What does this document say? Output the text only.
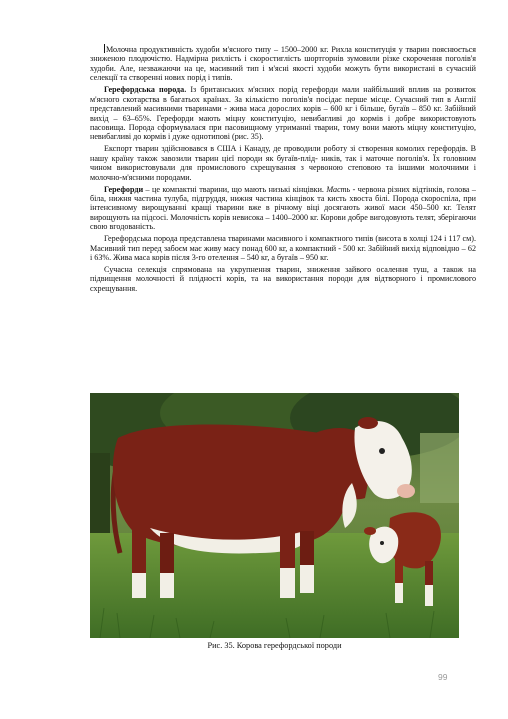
Молочна продуктивність худоби м'ясного типу – 1500–2000 кг. Рихла конституція у тварин пояснюється зниженою плодючістю. Надмірна рихлість і скоростиглість шортгорнів зумовили різке скорочення поголів'я худоби. Але, незважаючи на це, масивний тип і м'ясні якості худоби можуть бути використані в сучасній селекції та створенні нових порід і типів.

Герефордська порода. Із британських м'ясних порід герефорди мали найбільший вплив на розвиток м'ясного скотарства в багатьох країнах. За кількістю поголів'я посідає перше місце. Сучасний тип в Англії представлений масивними тваринами - жива маса дорослих корів – 600 кг і більше, бугаїв – 850 кг. Забійний вихід – 63–65%. Герефорди мають міцну конституцію, невибагливі до кормів і добре використовують пасовища. Порода сформувалася при пасовищному утриманні тварин, тому вони мають міцну конституцію, невибагливі до кормів і дуже однотипові (рис. 35).

Експорт тварин здійснювався в США і Канаду, де проводили роботу зі створення комолих герефордів. В нашу країну також завозили тварин цієї породи як бугаїв-плід- ників, так і маточне поголів'я. Їх головним чином використовували для промислового схрещування з червоною степовою та іншими молочними і молочно-м'ясними породами.

Герефорди – це компактні тварини, що мають низькі кінцівки. Масть - червона різних відтінків, голова – біла, нижня частина тулуба, підгруддя, нижня частина кінцівок та кисть хвоста білі. Порода скороспіла, при інтенсивному вирощуванні кращі тварини вже в річному віці досягають живої маси 450–500 кг. Телят вирощують на підсосі. Молочність корів невисока – 1400–2000 кг. Корови добре вигодовують телят, зберігаючи свою вгодованість.

Герефордська порода представлена тваринами масивного і компактного типів (висота в холці 124 і 117 см). Масивний тип перед забоєм має живу масу понад 600 кг, а компактний - 500 кг. Забійний вихід відповідно – 62 і 63%. Жива маса корів після 3-го отелення – 540 кг, а бугаїв – 950 кг.

Сучасна селекція спрямована на укрупнення тварин, зниження зайвого осалення туш, а також на підвищення молочності й плідності корів, та на використання породи для відтворного і промислового схрещування.

Рис. 35. Корова герефордської породи
99
